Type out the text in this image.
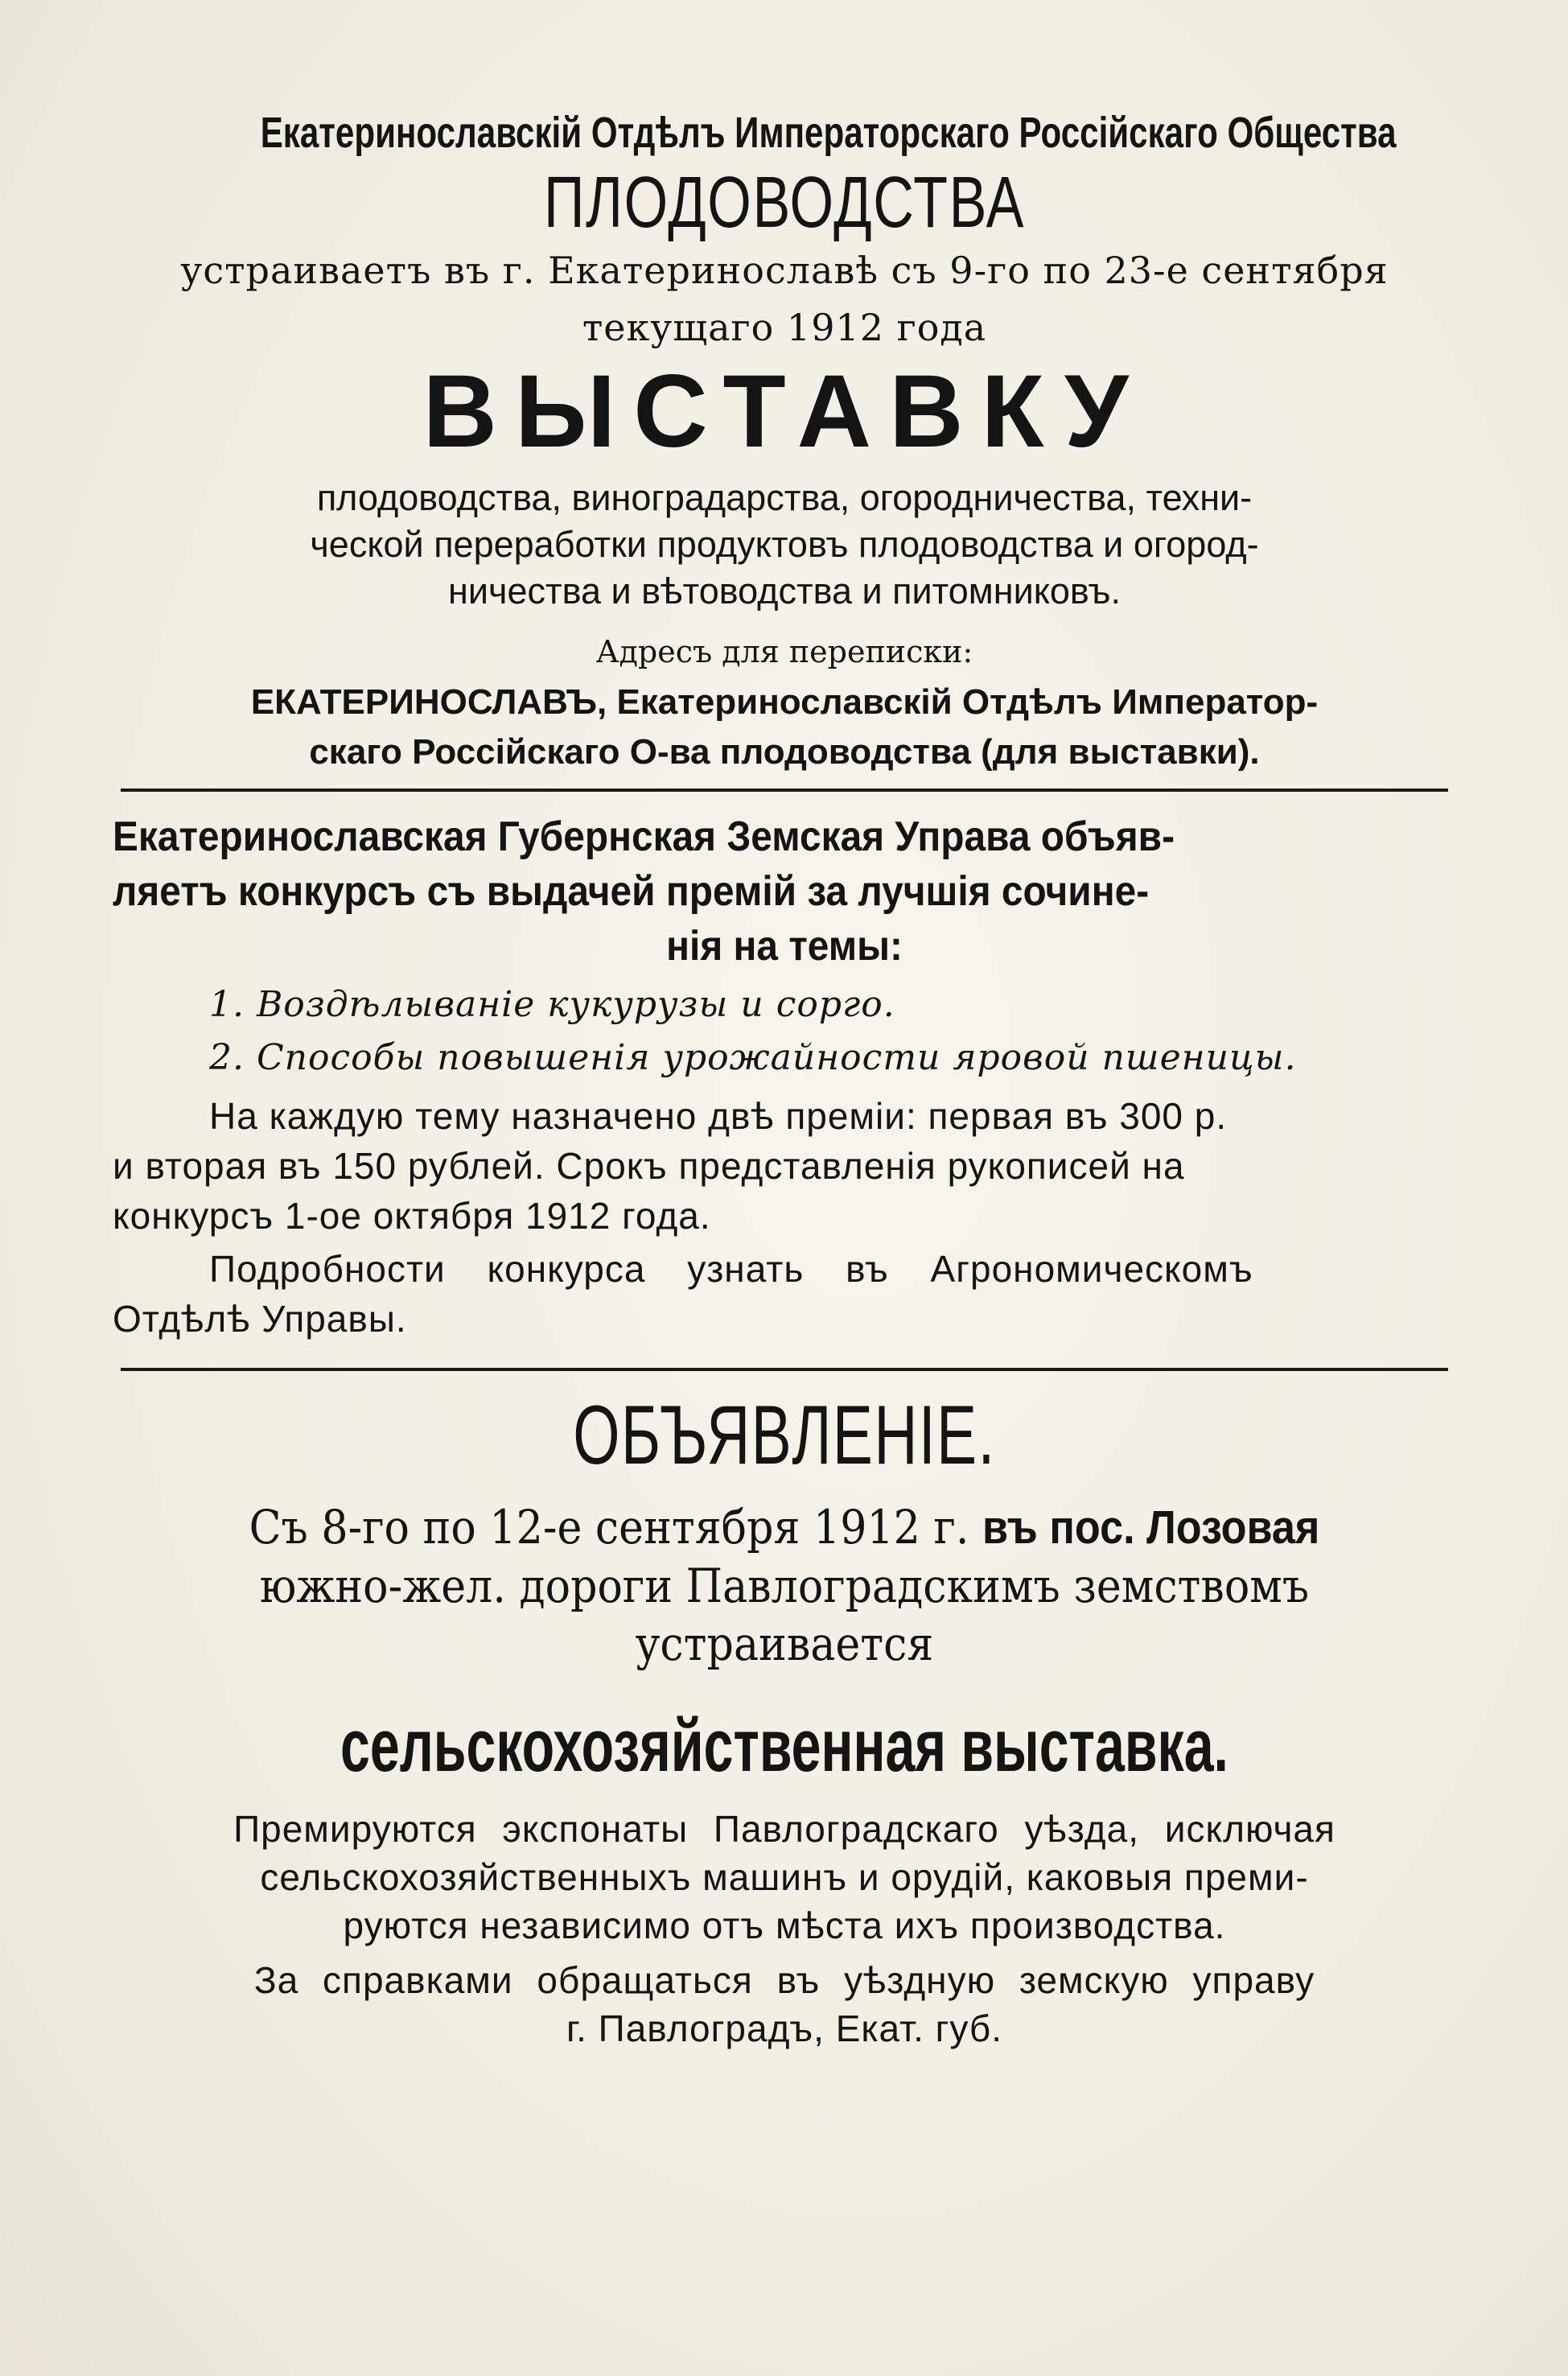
Екатеринославскій Отдѣлъ Императорскаго Россійскаго Общества
ПЛОДОВОДСТВА
устраиваетъ въ г. Екатеринославѣ съ 9-го по 23-е сентября
текущаго 1912 года
ВЫСТАВКУ
плодоводства, виноградарства, огородничества, техни-
ческой переработки продуктовъ плодоводства и огород-
ничества и вѣтоводства и питомниковъ.
Адресъ для переписки:
ЕКАТЕРИНОСЛАВЪ, Екатеринославскій Отдѣлъ Император-
скаго Россійскаго О-ва плодоводства (для выставки).
Екатеринославская Губернская Земская Управа объяв-
ляетъ конкурсъ съ выдачей премій за лучшія сочине-
нія на темы:
1. Воздѣлываніе кукурузы и сорго.
2. Способы повышенія урожайности яровой пшеницы.
На каждую тему назначено двѣ преміи: первая въ 300 р.
и вторая въ 150 рублей. Срокъ представленія рукописей на
конкурсъ 1-ое октября 1912 года.
Подробности конкурса узнать въ Агрономическомъ
Отдѣлѣ Управы.
ОБЪЯВЛЕНІЕ.
Съ 8-го по 12-е сентября 1912 г. въ пос. Лозовая
южно-жел. дороги Павлоградскимъ земствомъ
устраивается
сельскохозяйственная выставка.
Премируются экспонаты Павлоградскаго уѣзда, исключая
сельскохозяйственныхъ машинъ и орудій, каковыя преми-
руются независимо отъ мѣста ихъ производства.
За справками обращаться въ уѣздную земскую управу
г. Павлоградъ, Екат. губ.
